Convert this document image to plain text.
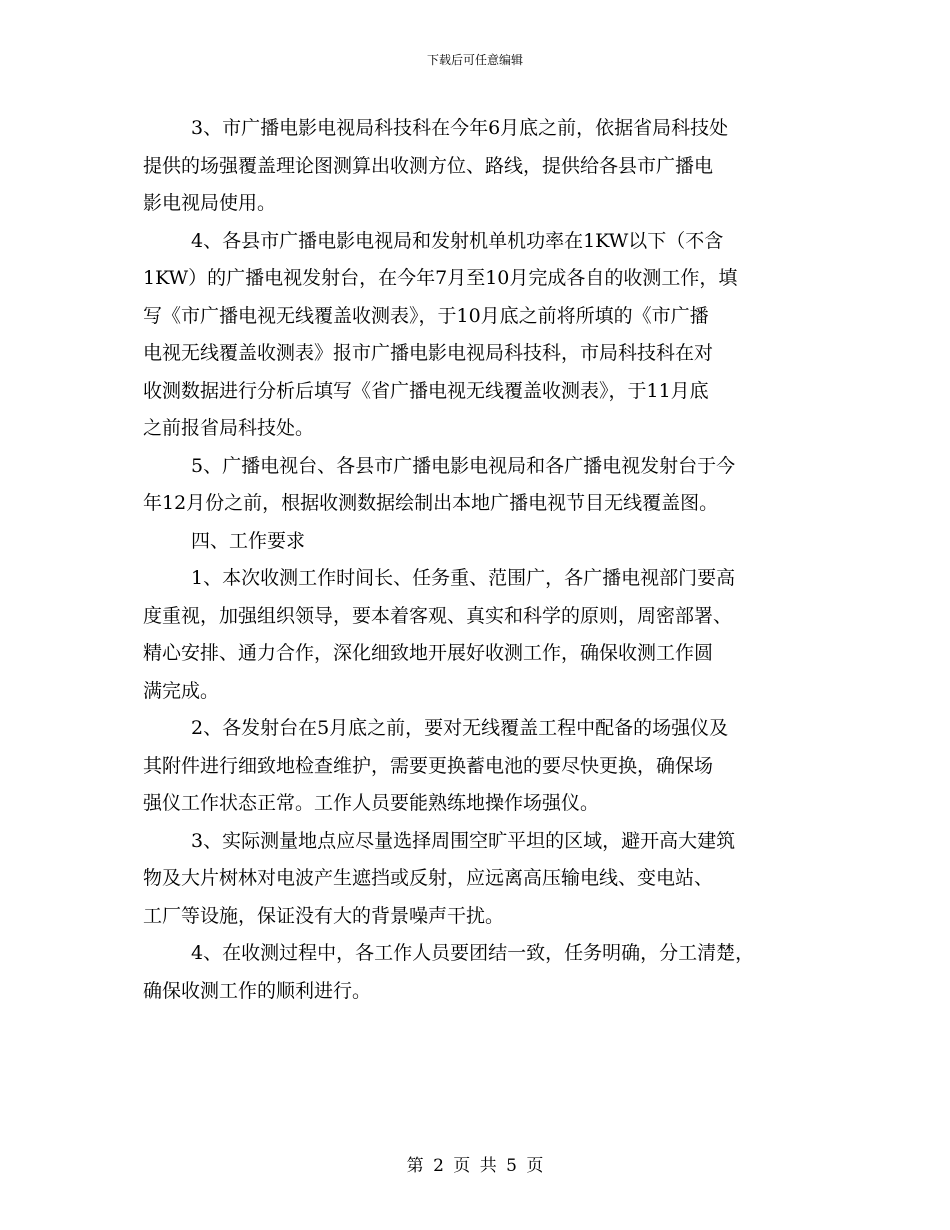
下载后可任意编辑
3、市广播电影电视局科技科在今年6月底之前，依据省局科技处
提供的场强覆盖理论图测算出收测方位、路线，提供给各县市广播电
影电视局使用。
4、各县市广播电影电视局和发射机单机功率在1KW以下（不含
1KW）的广播电视发射台，在今年7月至10月完成各自的收测工作，填
写《市广播电视无线覆盖收测表》，于10月底之前将所填的《市广播
电视无线覆盖收测表》报市广播电影电视局科技科，市局科技科在对
收测数据进行分析后填写《省广播电视无线覆盖收测表》，于11月底
之前报省局科技处。
5、广播电视台、各县市广播电影电视局和各广播电视发射台于今
年12月份之前，根据收测数据绘制出本地广播电视节目无线覆盖图。
四、工作要求
1、本次收测工作时间长、任务重、范围广，各广播电视部门要高
度重视，加强组织领导，要本着客观、真实和科学的原则，周密部署、
精心安排、通力合作，深化细致地开展好收测工作，确保收测工作圆
满完成。
2、各发射台在5月底之前，要对无线覆盖工程中配备的场强仪及
其附件进行细致地检查维护，需要更换蓄电池的要尽快更换，确保场
强仪工作状态正常。工作人员要能熟练地操作场强仪。
3、实际测量地点应尽量选择周围空旷平坦的区域，避开高大建筑
物及大片树林对电波产生遮挡或反射，应远离高压输电线、变电站、
工厂等设施，保证没有大的背景噪声干扰。
4、在收测过程中，各工作人员要团结一致，任务明确，分工清楚，
确保收测工作的顺利进行。
第 2 页 共 5 页
